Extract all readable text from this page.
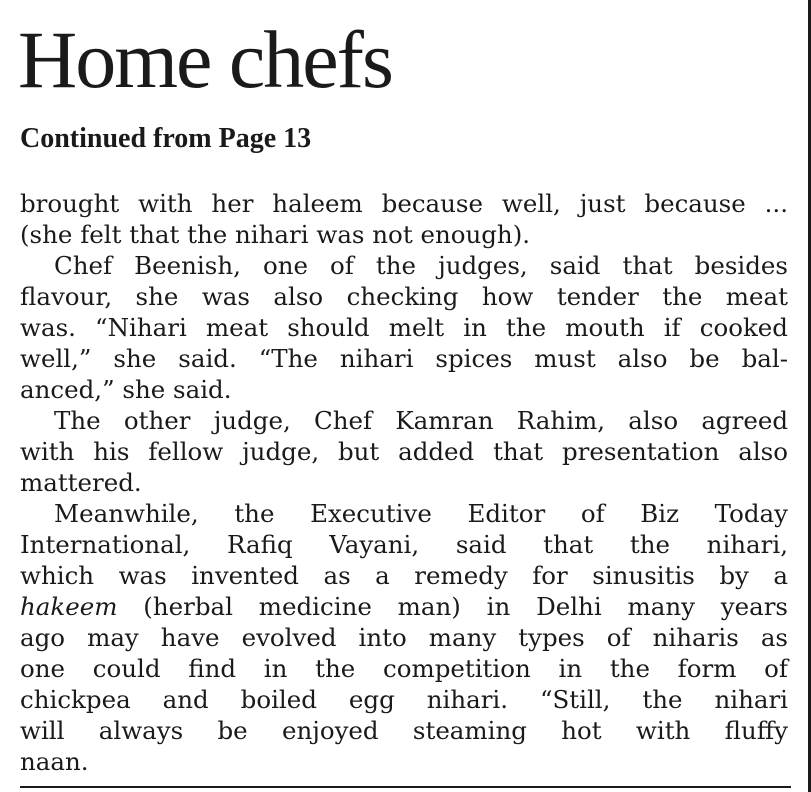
Home chefs
Continued from Page 13
brought with her haleem because well, just because ...
(she felt that the nihari was not enough).
Chef Beenish, one of the judges, said that besides
flavour, she was also checking how tender the meat
was. “Nihari meat should melt in the mouth if cooked
well,” she said. “The nihari spices must also be bal-
anced,” she said.
The other judge, Chef Kamran Rahim, also agreed
with his fellow judge, but added that presentation also
mattered.
Meanwhile, the Executive Editor of Biz Today
International, Rafiq Vayani, said that the nihari,
which was invented as a remedy for sinusitis by a
hakeem (herbal medicine man) in Delhi many years
ago may have evolved into many types of niharis as
one could find in the competition in the form of
chickpea and boiled egg nihari. “Still, the nihari
will always be enjoyed steaming hot with fluffy
naan.
